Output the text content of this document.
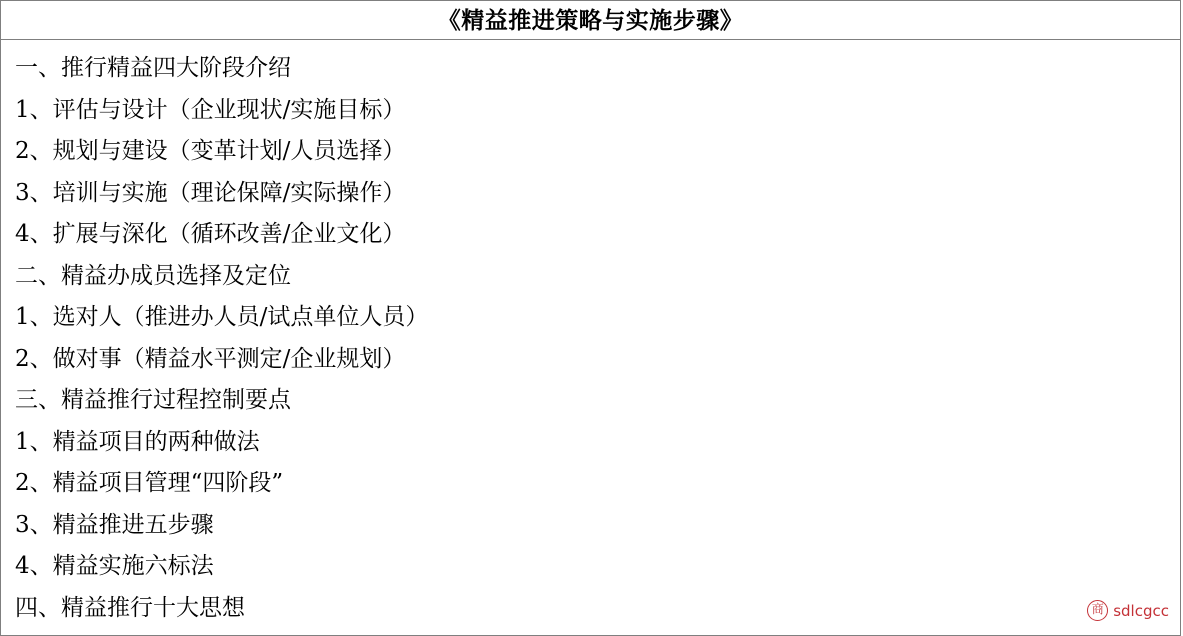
《精益推进策略与实施步骤》
一、推行精益四大阶段介绍
1、评估与设计（企业现状/实施目标）
2、规划与建设（变革计划/人员选择）
3、培训与实施（理论保障/实际操作）
4、扩展与深化（循环改善/企业文化）
二、精益办成员选择及定位
1、选对人（推进办人员/试点单位人员）
2、做对事（精益水平测定/企业规划）
三、精益推行过程控制要点
1、精益项目的两种做法
2、精益项目管理“四阶段”
3、精益推进五步骤
4、精益实施六标法
四、精益推行十大思想	商 sdlcgcc
